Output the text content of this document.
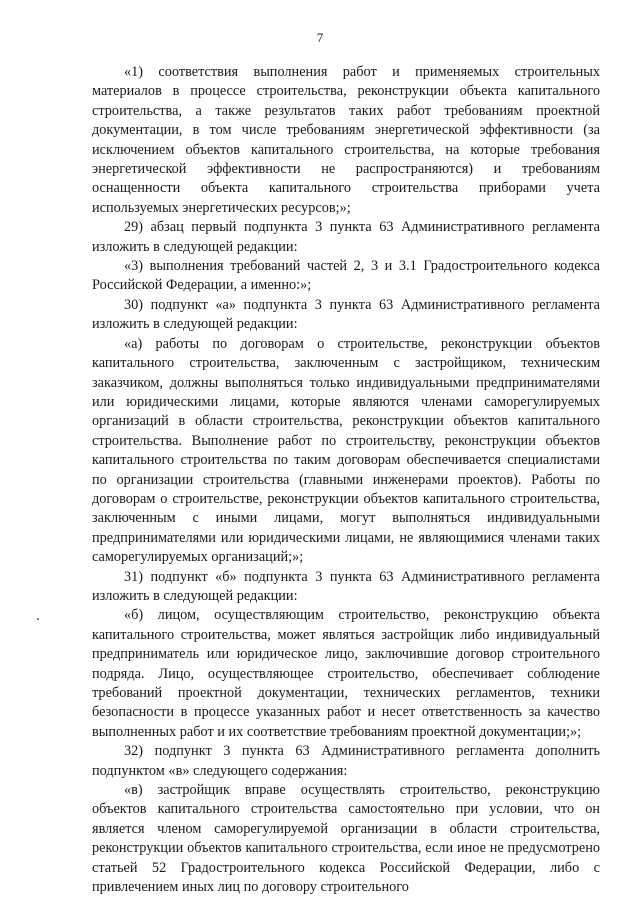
7

«1) соответствия выполнения работ и применяемых строительных материалов в процессе строительства, реконструкции объекта капитального строительства, а также результатов таких работ требованиям проектной документации, в том числе требованиям энергетической эффективности (за исключением объектов капитального строительства, на которые требования энергетической эффективности не распространяются) и требованиям оснащенности объекта капитального строительства приборами учета используемых энергетических ресурсов;»;

29) абзац первый подпункта 3 пункта 63 Административного регламента изложить в следующей редакции:

«3) выполнения требований частей 2, 3 и 3.1 Градостроительного кодекса Российской Федерации, а именно:»;

30) подпункт «а» подпункта 3 пункта 63 Административного регламента изложить в следующей редакции:

«а) работы по договорам о строительстве, реконструкции объектов капитального строительства, заключенным с застройщиком, техническим заказчиком, должны выполняться только индивидуальными предпринимателями или юридическими лицами, которые являются членами саморегулируемых организаций в области строительства, реконструкции объектов капитального строительства. Выполнение работ по строительству, реконструкции объектов капитального строительства по таким договорам обеспечивается специалистами по организации строительства (главными инженерами проектов). Работы по договорам о строительстве, реконструкции объектов капитального строительства, заключенным с иными лицами, могут выполняться индивидуальными предпринимателями или юридическими лицами, не являющимися членами таких саморегулируемых организаций;»;

31) подпункт «б» подпункта 3 пункта 63 Административного регламента изложить в следующей редакции:

«б) лицом, осуществляющим строительство, реконструкцию объекта капитального строительства, может являться застройщик либо индивидуальный предприниматель или юридическое лицо, заключившие договор строительного подряда. Лицо, осуществляющее строительство, обеспечивает соблюдение требований проектной документации, технических регламентов, техники безопасности в процессе указанных работ и несет ответственность за качество выполненных работ и их соответствие требованиям проектной документации;»;

32) подпункт 3 пункта 63 Административного регламента дополнить подпунктом «в» следующего содержания:

«в) застройщик вправе осуществлять строительство, реконструкцию объектов капитального строительства самостоятельно при условии, что он является членом саморегулируемой организации в области строительства, реконструкции объектов капитального строительства, если иное не предусмотрено статьей 52 Градостроительного кодекса Российской Федерации, либо с привлечением иных лиц по договору строительного
